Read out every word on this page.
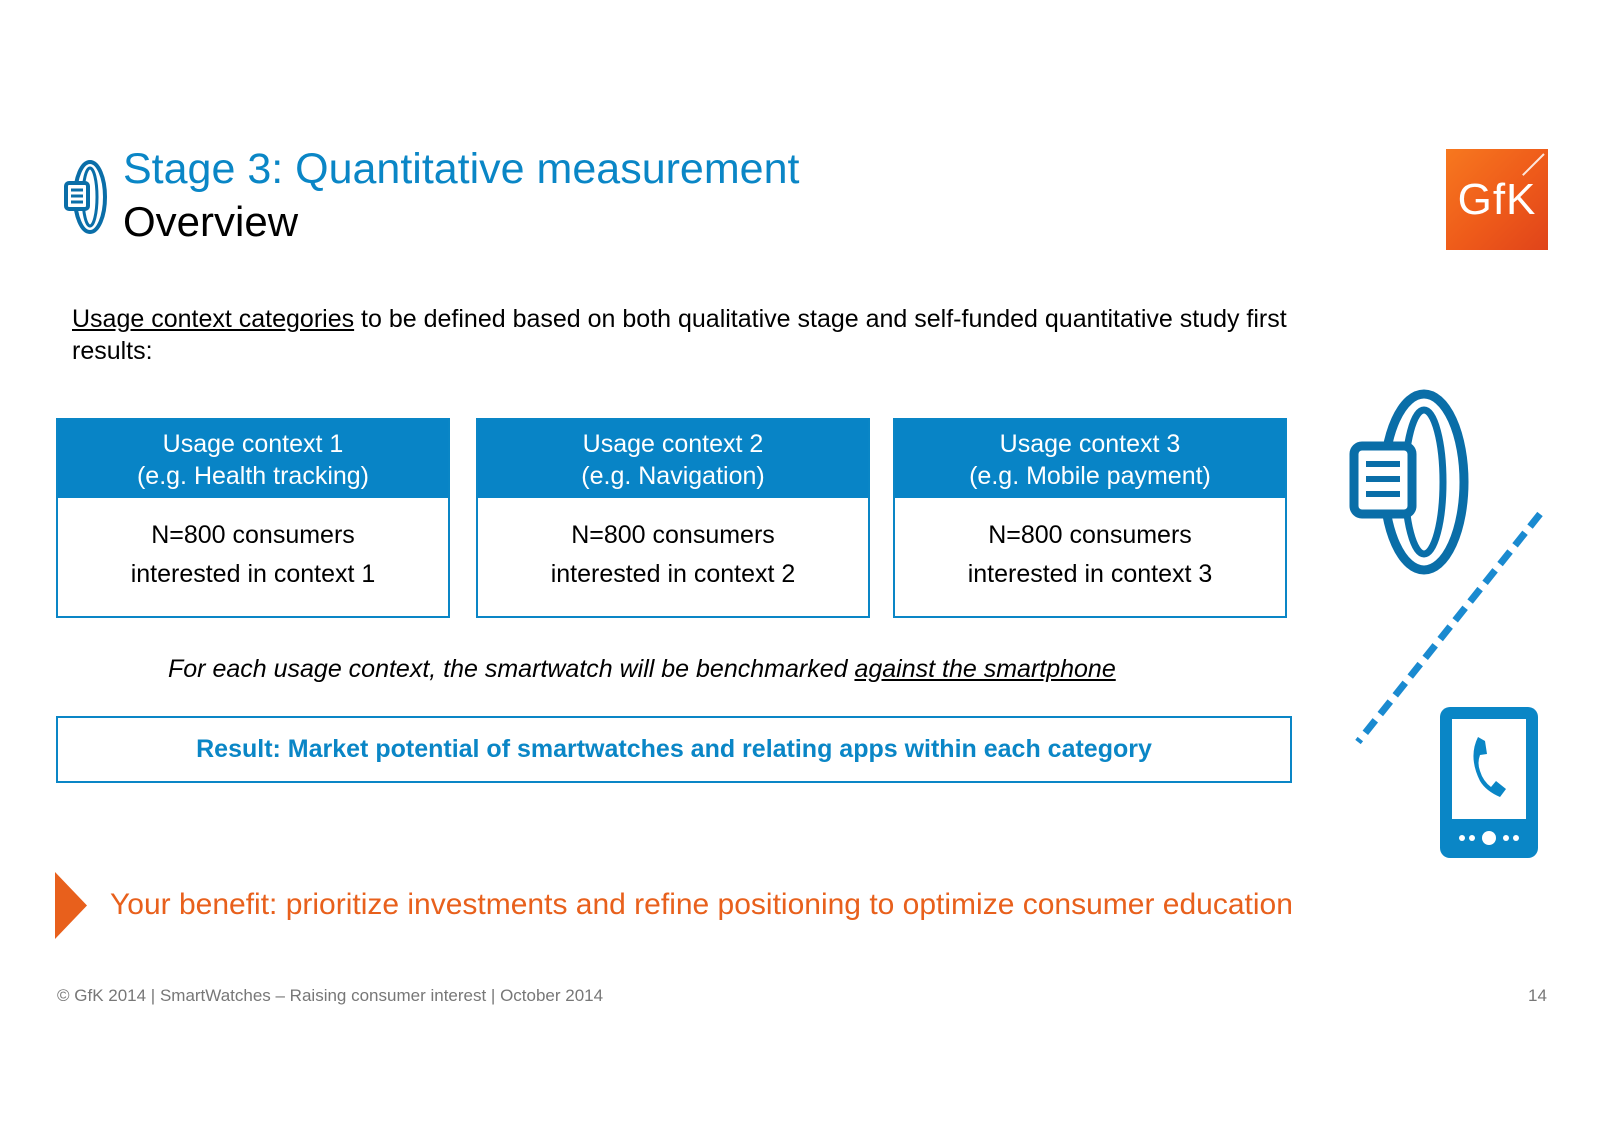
Stage 3: Quantitative measurement
Overview	GfK
Usage context categories to be defined based on both qualitative stage and self-funded quantitative study first results:
Usage context 1
(e.g. Health tracking)
N=800 consumers
interested in context 1
Usage context 2
(e.g. Navigation)
N=800 consumers
interested in context 2
Usage context 3
(e.g. Mobile payment)
N=800 consumers
interested in context 3
For each usage context, the smartwatch will be benchmarked against the smartphone
Result: Market potential of smartwatches and relating apps within each category
Your benefit: prioritize investments and refine positioning to optimize consumer education
© GfK 2014 | SmartWatches – Raising consumer interest | October 2014	14
